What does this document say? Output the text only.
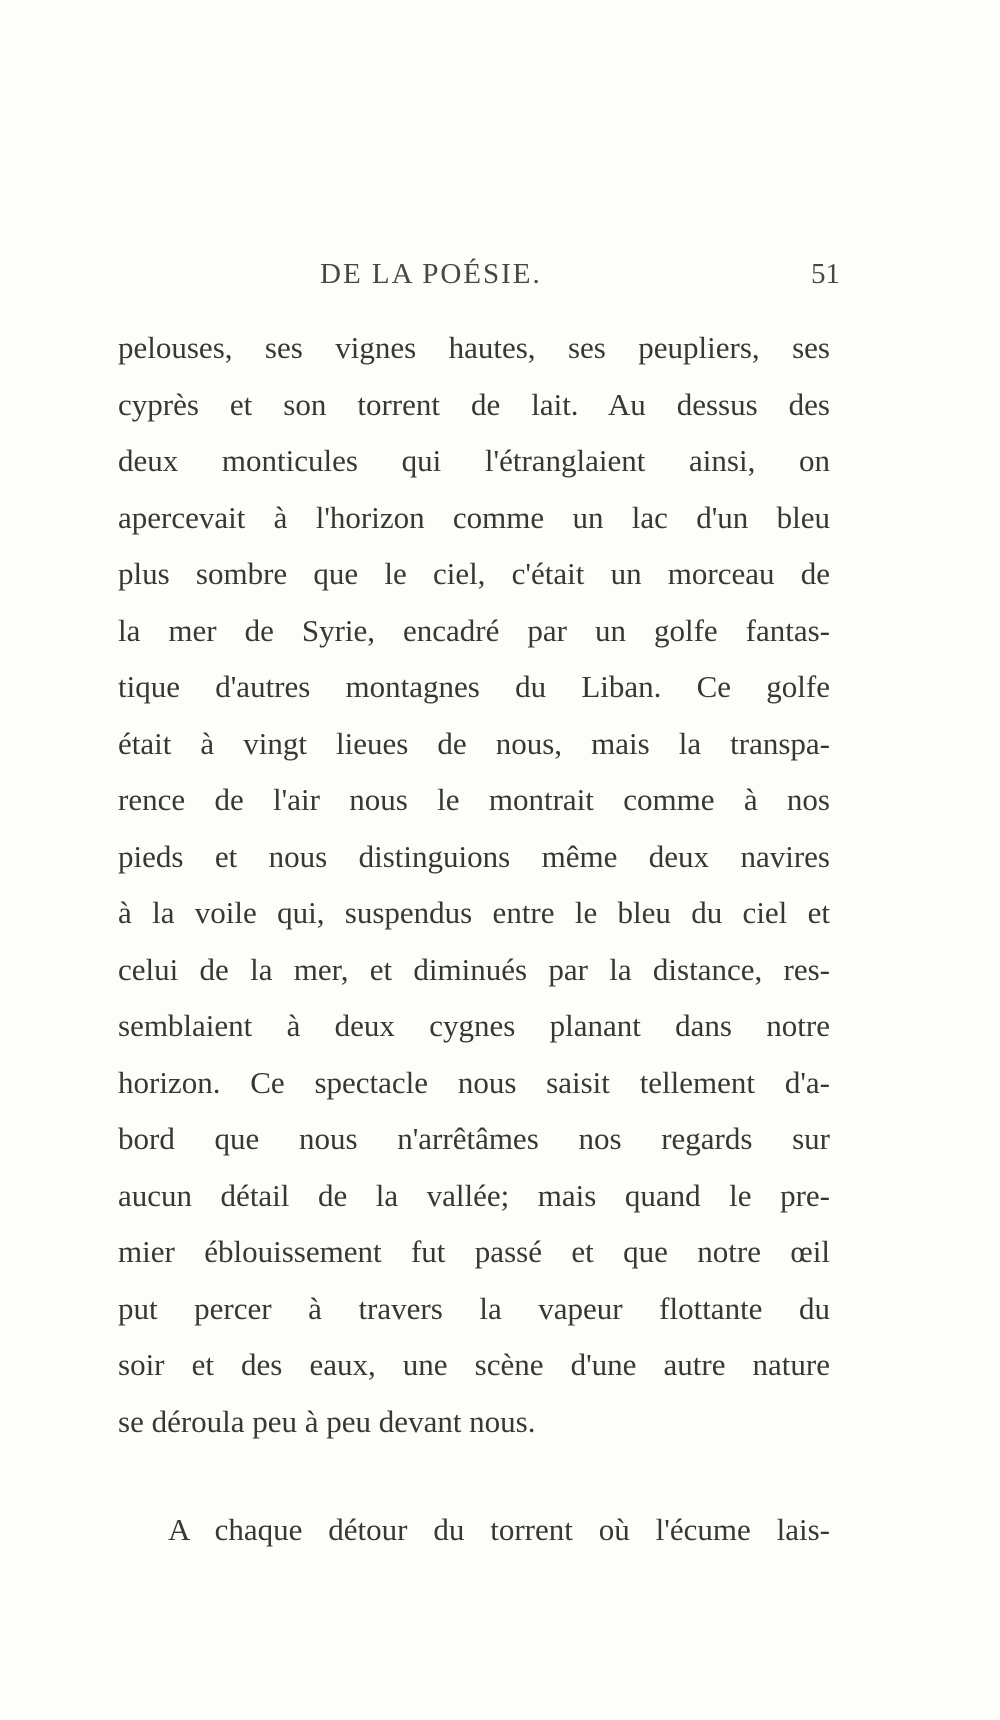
DE LA POÉSIE.	51
pelouses, ses vignes hautes, ses peupliers, ses
cyprès et son torrent de lait. Au dessus des
deux monticules qui l'étranglaient ainsi, on
apercevait à l'horizon comme un lac d'un bleu
plus sombre que le ciel, c'était un morceau de
la mer de Syrie, encadré par un golfe fantas-
tique d'autres montagnes du Liban. Ce golfe
était à vingt lieues de nous, mais la transpa-
rence de l'air nous le montrait comme à nos
pieds et nous distinguions même deux navires
à la voile qui, suspendus entre le bleu du ciel et
celui de la mer, et diminués par la distance, res-
semblaient à deux cygnes planant dans notre
horizon. Ce spectacle nous saisit tellement d'a-
bord que nous n'arrêtâmes nos regards sur
aucun détail de la vallée; mais quand le pre-
mier éblouissement fut passé et que notre œil
put percer à travers la vapeur flottante du
soir et des eaux, une scène d'une autre nature
se déroula peu à peu devant nous.
A chaque détour du torrent où l'écume lais-
